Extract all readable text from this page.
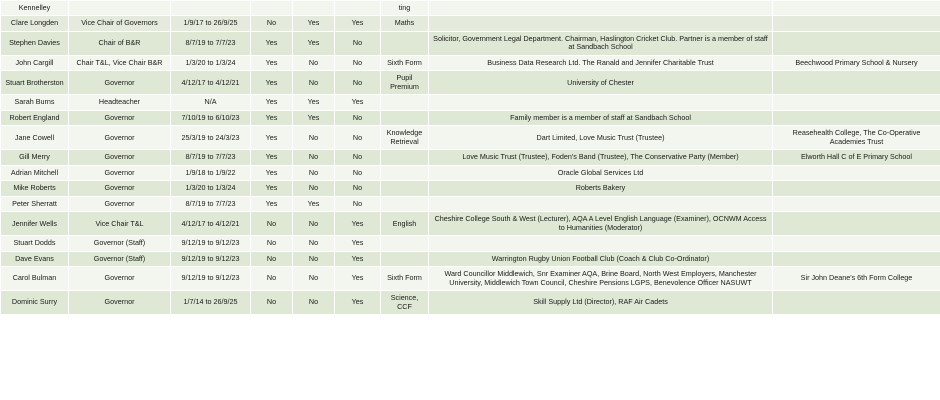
Kennelley						ting		
Clare Longden	Vice Chair of Governors	1/9/17 to 26/9/25	No	Yes	Yes	Maths		
Stephen Davies	Chair of B&R	8/7/19 to 7/7/23	Yes	Yes	No		Solicitor, Government Legal Department. Chairman, Haslington Cricket Club. Partner is a member of staff at Sandbach School	
John Cargill	Chair T&L, Vice Chair B&R	1/3/20 to 1/3/24	Yes	No	No	Sixth Form	Business Data Research Ltd. The Ranald and Jennifer Charitable Trust	Beechwood Primary School & Nursery
Stuart Brotherston	Governor	4/12/17 to 4/12/21	Yes	No	No	Pupil Premium	University of Chester	
Sarah Burns	Headteacher	N/A	Yes	Yes	Yes			
Robert England	Governor	7/10/19 to 6/10/23	Yes	Yes	No		Family member is a member of staff at Sandbach School	
Jane Cowell	Governor	25/3/19 to 24/3/23	Yes	No	No	Knowledge Retrieval	Dart Limited, Love Music Trust (Trustee)	Reasehealth College, The Co-Operative Academies Trust
Gill Merry	Governor	8/7/19 to 7/7/23	Yes	No	No		Love Music Trust (Trustee), Foden's Band (Trustee), The Conservative Party (Member)	Elworth Hall C of E Primary School
Adrian Mitchell	Governor	1/9/18 to 1/9/22	Yes	No	No		Oracle Global Services Ltd	
Mike Roberts	Governor	1/3/20 to 1/3/24	Yes	No	No		Roberts Bakery	
Peter Sherratt	Governor	8/7/19 to 7/7/23	Yes	Yes	No			
Jennifer Wells	Vice Chair T&L	4/12/17 to 4/12/21	No	No	Yes	English	Cheshire College South & West (Lecturer), AQA A Level English Language (Examiner), OCNWM Access to Humanities (Moderator)	
Stuart Dodds	Governor (Staff)	9/12/19 to 9/12/23	No	No	Yes			
Dave Evans	Governor (Staff)	9/12/19 to 9/12/23	No	No	Yes		Warrington Rugby Union Football Club (Coach & Club Co-Ordinator)	
Carol Bulman	Governor	9/12/19 to 9/12/23	No	No	Yes	Sixth Form	Ward Councillor Middlewich, Snr Examiner AQA, Brine Board, North West Employers, Manchester University, Middlewich Town Council, Cheshire Pensions LGPS, Benevolence Officer NASUWT	Sir John Deane's 6th Form College
Dominic Surry	Governor	1/7/14 to 26/9/25	No	No	Yes	Science, CCF	Skill Supply Ltd (Director), RAF Air Cadets	
